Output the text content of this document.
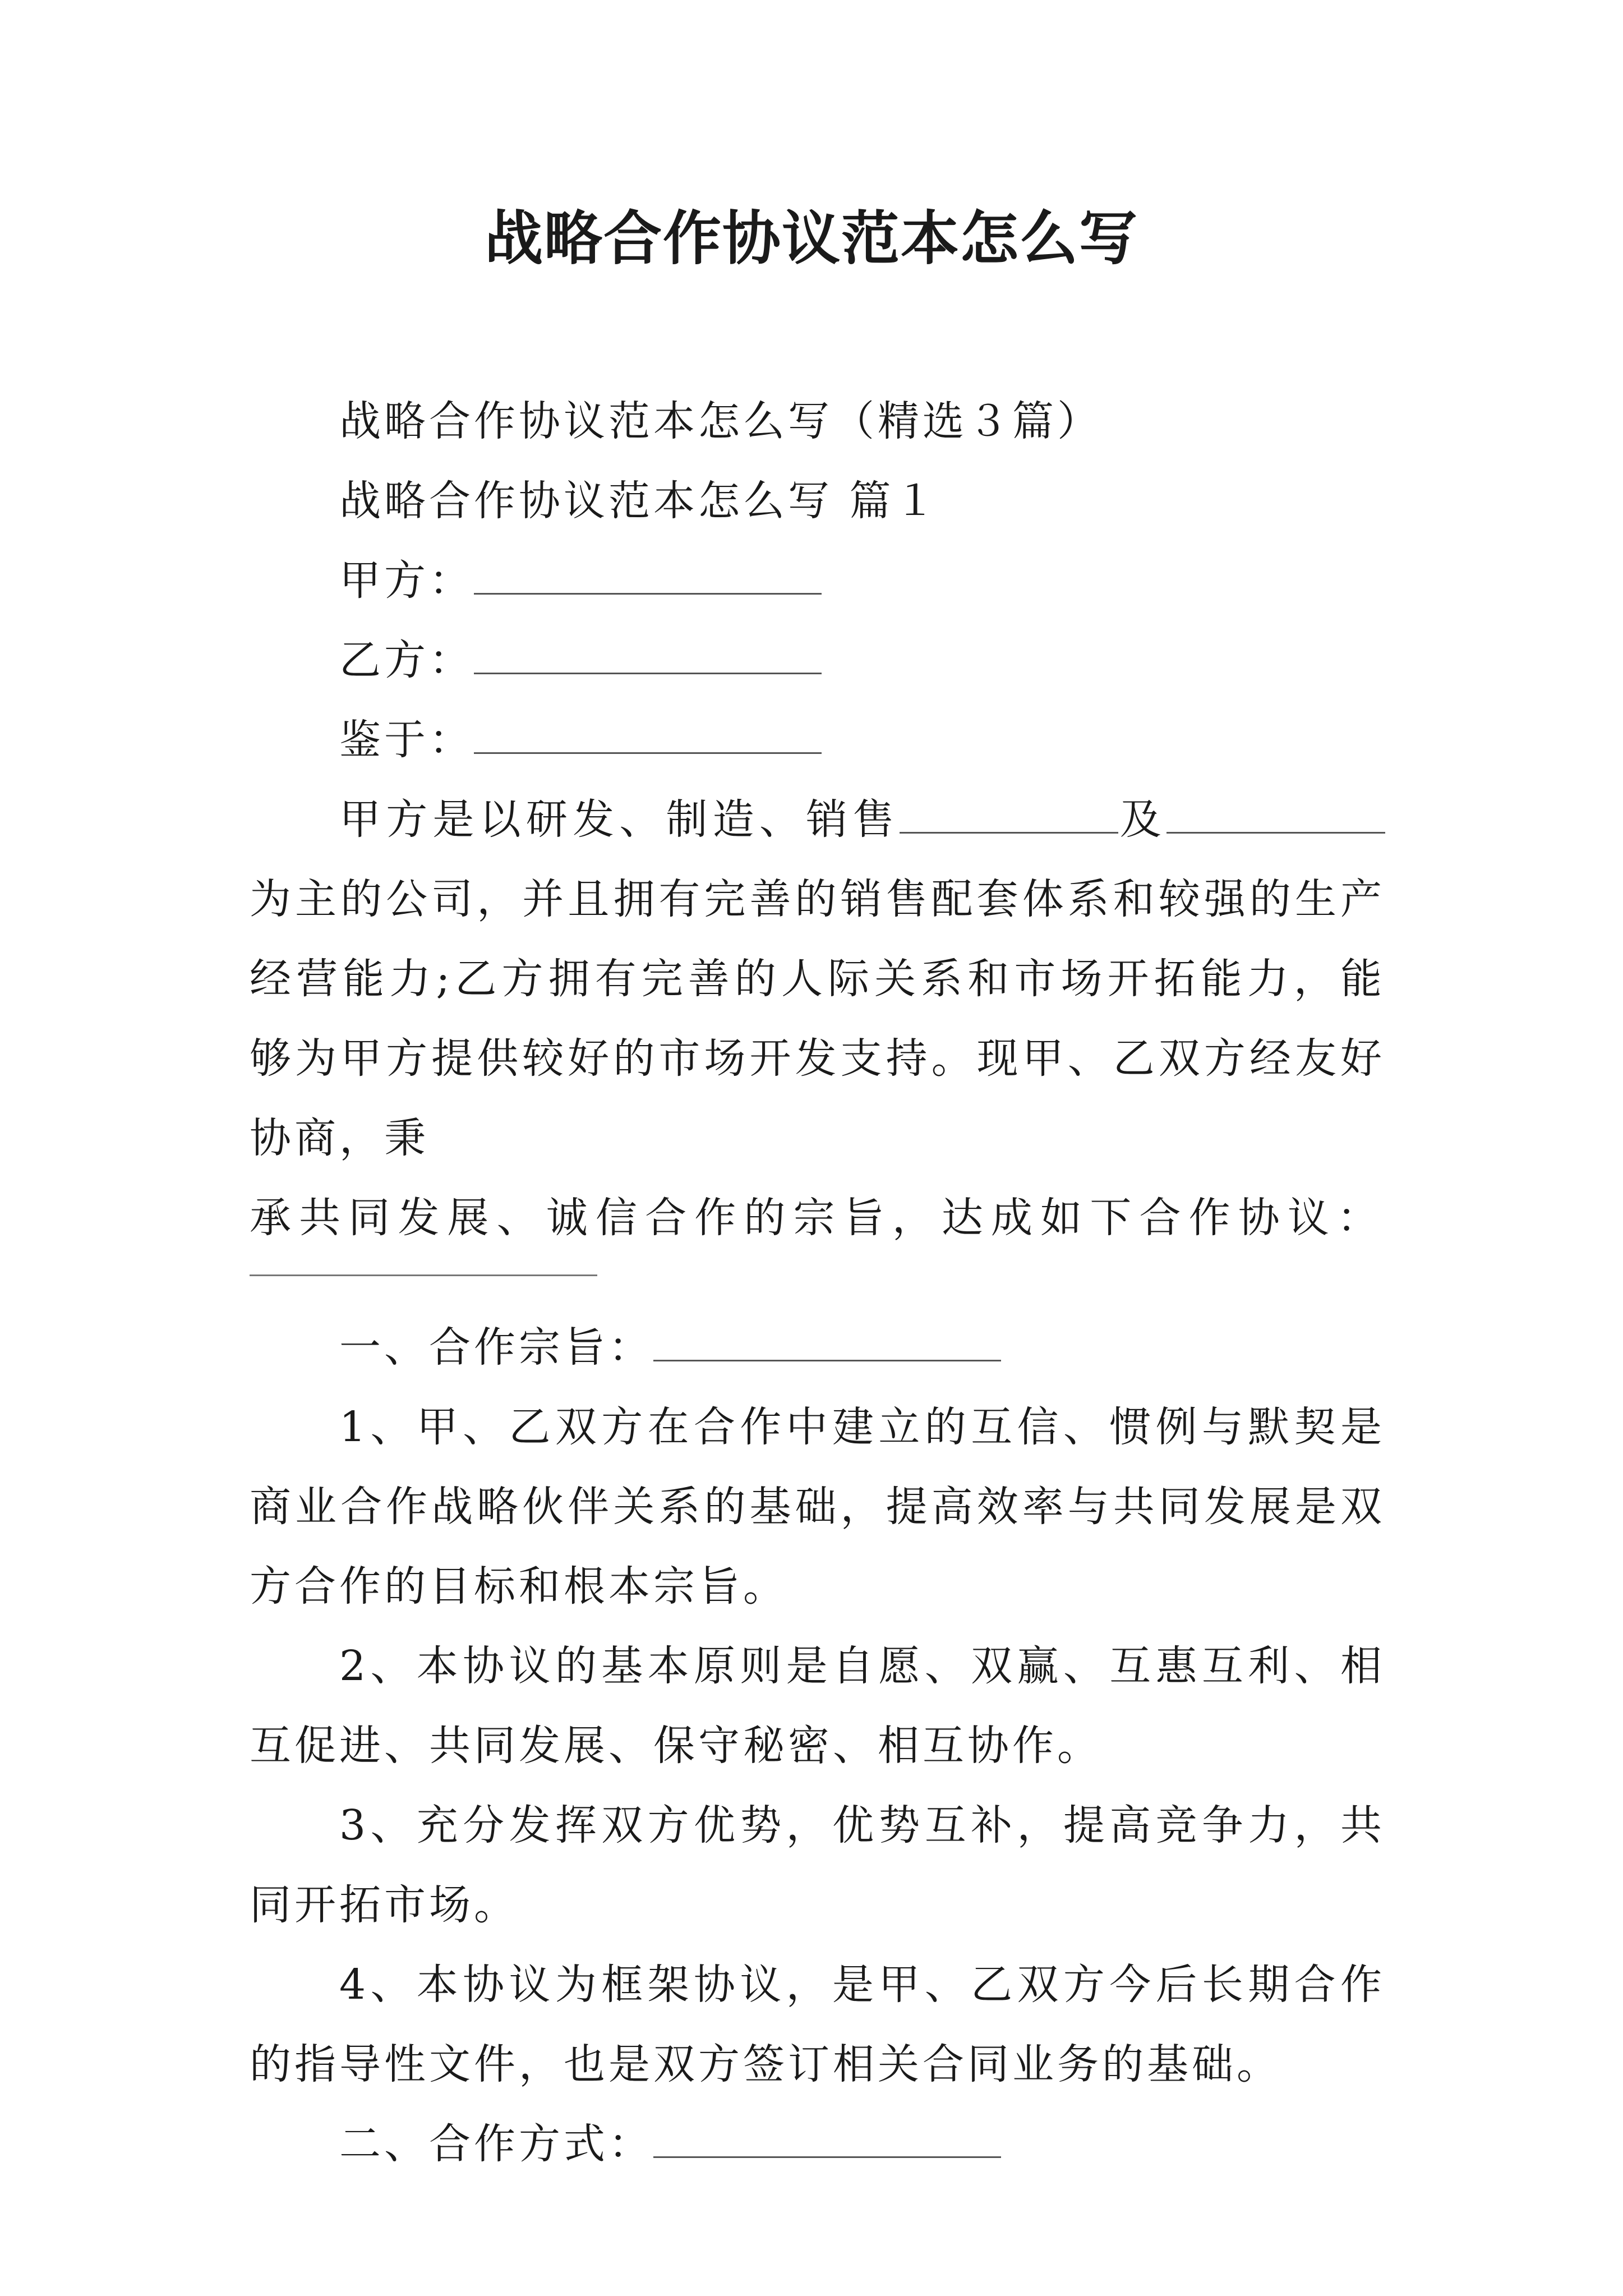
战略合作协议范本怎么写

战略合作协议范本怎么写（精选３篇）

战略合作协议范本怎么写 篇１

甲方：

乙方：

鉴于：

甲方是以研发、制造、销售	及为主的公司，并且拥有完善的销售配套体系和较强的生产经营能力;乙方拥有完善的人际关系和市场开拓能力，能够为甲方提供较好的市场开发支持。现甲、乙双方经友好协商，秉

承共同发展、诚信合作的宗旨，达成如下合作协议：

一、合作宗旨：

1、甲、乙双方在合作中建立的互信、惯例与默契是商业合作战略伙伴关系的基础，提高效率与共同发展是双方合作的目标和根本宗旨。

2、本协议的基本原则是自愿、双赢、互惠互利、相互促进、共同发展、保守秘密、相互协作。

3、充分发挥双方优势，优势互补，提高竞争力，共同开拓市场。

4、本协议为框架协议，是甲、乙双方今后长期合作的指导性文件，也是双方签订相关合同业务的基础。

二、合作方式：
